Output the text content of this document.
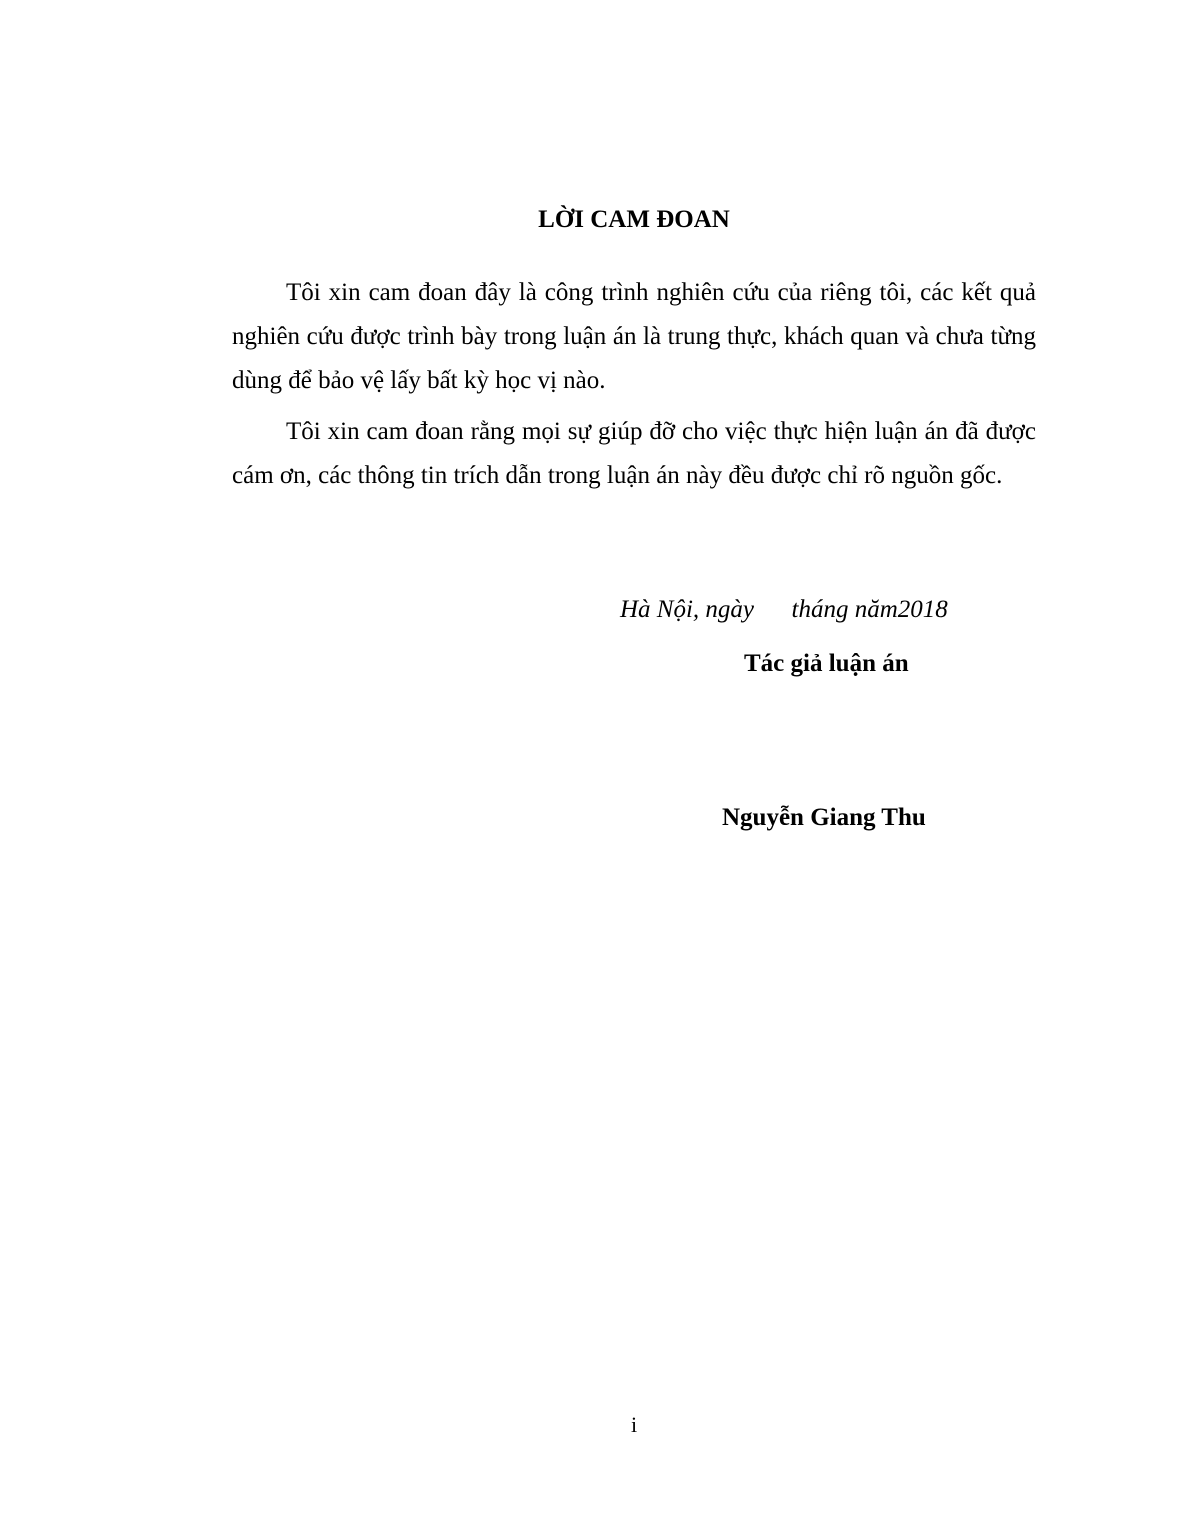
LỜI CAM ĐOAN

Tôi xin cam đoan đây là công trình nghiên cứu của riêng tôi, các kết quả nghiên cứu được trình bày trong luận án là trung thực, khách quan và chưa từng dùng để bảo vệ lấy bất kỳ học vị nào.

Tôi xin cam đoan rằng mọi sự giúp đỡ cho việc thực hiện luận án đã được cám ơn, các thông tin trích dẫn trong luận án này đều được chỉ rõ nguồn gốc.

Hà Nội, ngày      tháng năm2018
Tác giả luận án
Nguyễn Giang Thu
i
